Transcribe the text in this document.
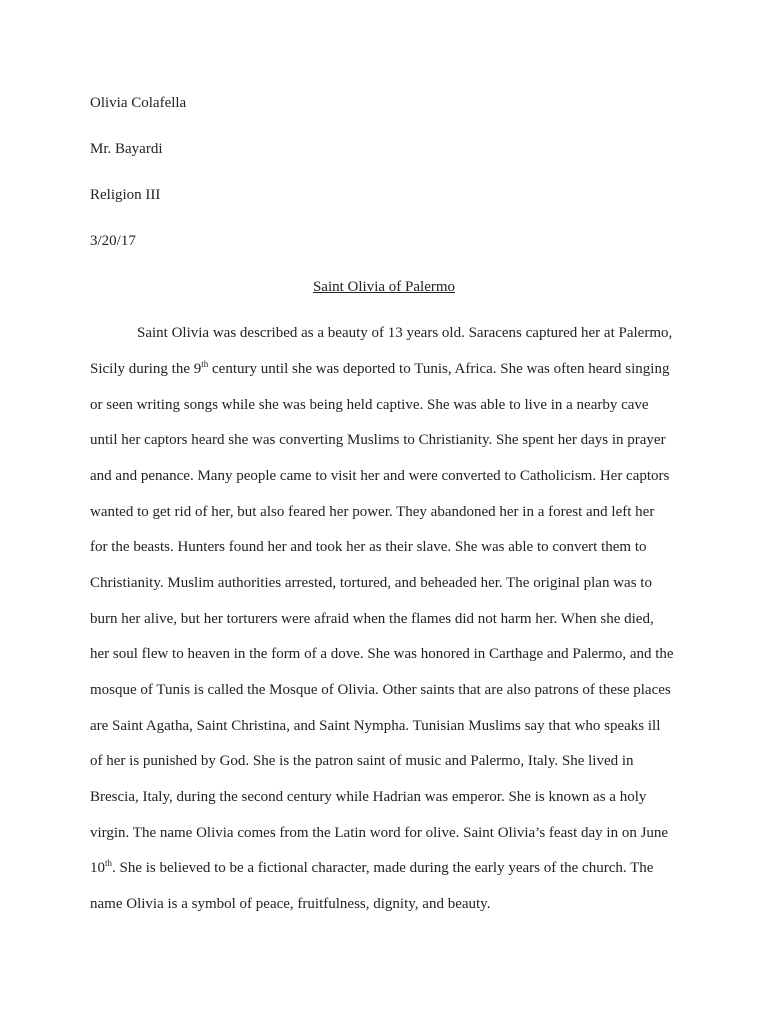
Olivia Colafella

Mr. Bayardi

Religion III

3/20/17

Saint Olivia of Palermo

Saint Olivia was described as a beauty of 13 years old. Saracens captured her at Palermo,

Sicily during the 9th century until she was deported to Tunis, Africa. She was often heard singing

or seen writing songs while she was being held captive. She was able to live in a nearby cave

until her captors heard she was converting Muslims to Christianity. She spent her days in prayer

and and penance. Many people came to visit her and were converted to Catholicism. Her captors

wanted to get rid of her, but also feared her power. They abandoned her in a forest and left her

for the beasts. Hunters found her and took her as their slave. She was able to convert them to

Christianity. Muslim authorities arrested, tortured, and beheaded her. The original plan was to

burn her alive, but her torturers were afraid when the flames did not harm her. When she died,

her soul flew to heaven in the form of a dove. She was honored in Carthage and Palermo, and the

mosque of Tunis is called the Mosque of Olivia. Other saints that are also patrons of these places

are Saint Agatha, Saint Christina, and Saint Nympha. Tunisian Muslims say that who speaks ill

of her is punished by God. She is the patron saint of music and Palermo, Italy. She lived in

Brescia, Italy, during the second century while Hadrian was emperor. She is known as a holy

virgin. The name Olivia comes from the Latin word for olive. Saint Olivia’s feast day in on June

10th. She is believed to be a fictional character, made during the early years of the church. The

name Olivia is a symbol of peace, fruitfulness, dignity, and beauty.
